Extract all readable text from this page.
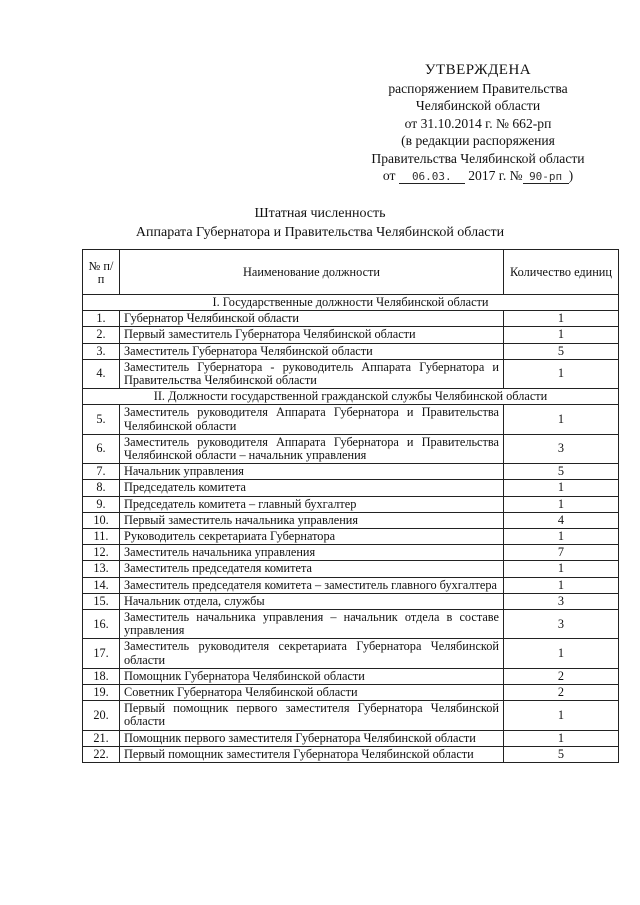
УТВЕРЖДЕНА
распоряжением Правительства
Челябинской области
от 31.10.2014 г. № 662-рп
(в редакции распоряжения
Правительства Челябинской области
от 06.03. 2017 г. № 90-рп )
Штатная численность
Аппарата Губернатора и Правительства Челябинской области
№ п/п	Наименование должности	Количество единиц
I. Государственные должности Челябинской области		
1.	Губернатор Челябинской области	1
2.	Первый заместитель Губернатора Челябинской области	1
3.	Заместитель Губернатора Челябинской области	5
4.	Заместитель Губернатора - руководитель Аппарата Губернатора и Правительства Челябинской области	1
II. Должности государственной гражданской службы Челябинской области		
5.	Заместитель руководителя Аппарата Губернатора и Правительства Челябинской области	1
6.	Заместитель руководителя Аппарата Губернатора и Правительства Челябинской области – начальник управления	3
7.	Начальник управления	5
8.	Председатель комитета	1
9.	Председатель комитета – главный бухгалтер	1
10.	Первый заместитель начальника управления	4
11.	Руководитель секретариата Губернатора	1
12.	Заместитель начальника управления	7
13.	Заместитель председателя комитета	1
14.	Заместитель председателя комитета – заместитель главного бухгалтера	1
15.	Начальник отдела, службы	3
16.	Заместитель начальника управления – начальник отдела в составе управления	3
17.	Заместитель руководителя секретариата Губернатора Челябинской области	1
18.	Помощник Губернатора Челябинской области	2
19.	Советник Губернатора Челябинской области	2
20.	Первый помощник первого заместителя Губернатора Челябинской области	1
21.	Помощник первого заместителя Губернатора Челябинской области	1
22.	Первый помощник заместителя Губернатора Челябинской области	5
